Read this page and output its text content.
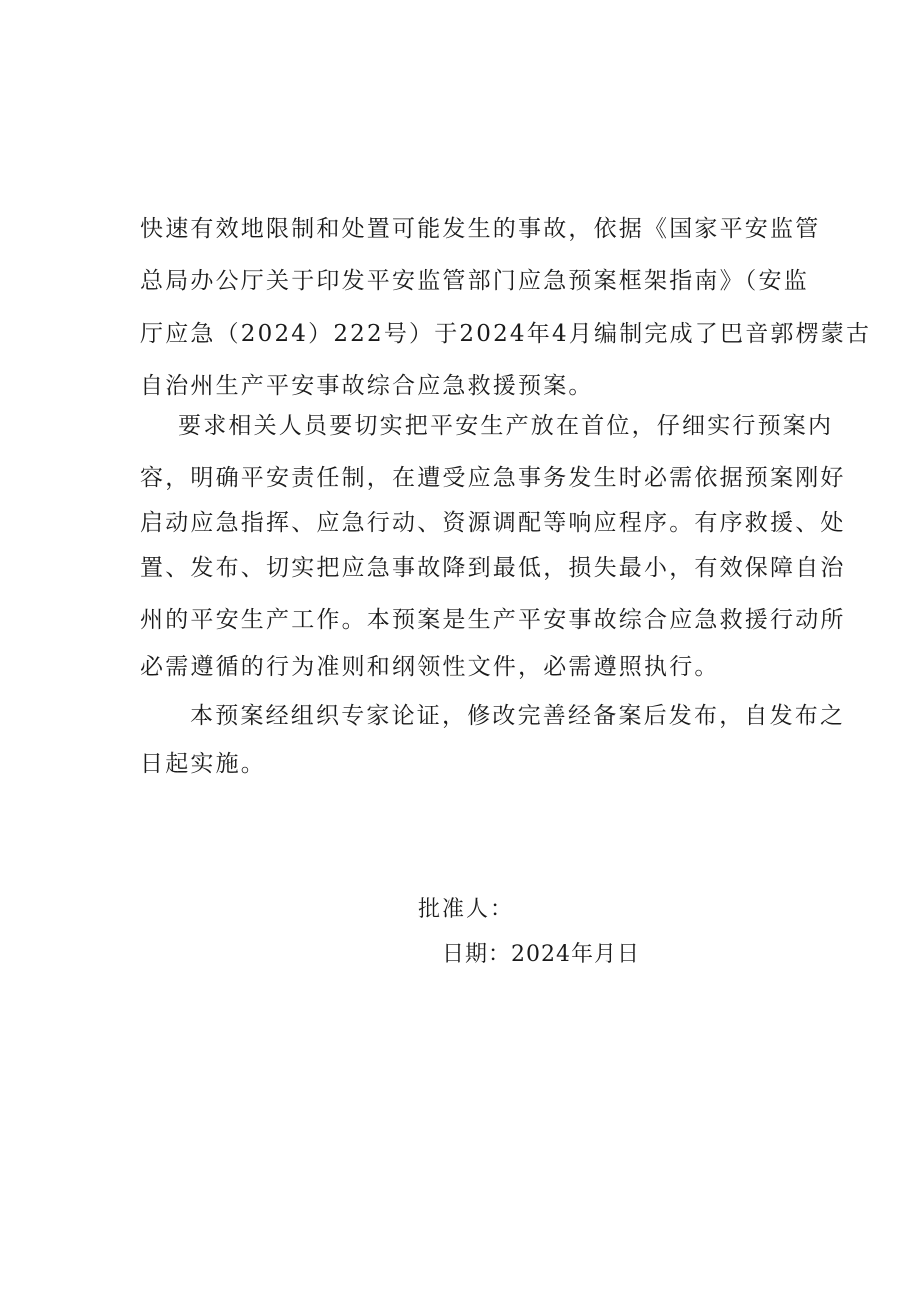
快速有效地限制和处置可能发生的事故，依据《国家平安监管
总局办公厅关于印发平安监管部门应急预案框架指南》（安监
厅应急（2024）222号）于2024年4月编制完成了巴音郭楞蒙古
自治州生产平安事故综合应急救援预案。
要求相关人员要切实把平安生产放在首位，仔细实行预案内
容，明确平安责任制，在遭受应急事务发生时必需依据预案刚好
启动应急指挥、应急行动、资源调配等响应程序。有序救援、处
置、发布、切实把应急事故降到最低，损失最小，有效保障自治
州的平安生产工作。本预案是生产平安事故综合应急救援行动所
必需遵循的行为准则和纲领性文件，必需遵照执行。
本预案经组织专家论证，修改完善经备案后发布，自发布之
日起实施。
批准人：
日期：2024年月日
